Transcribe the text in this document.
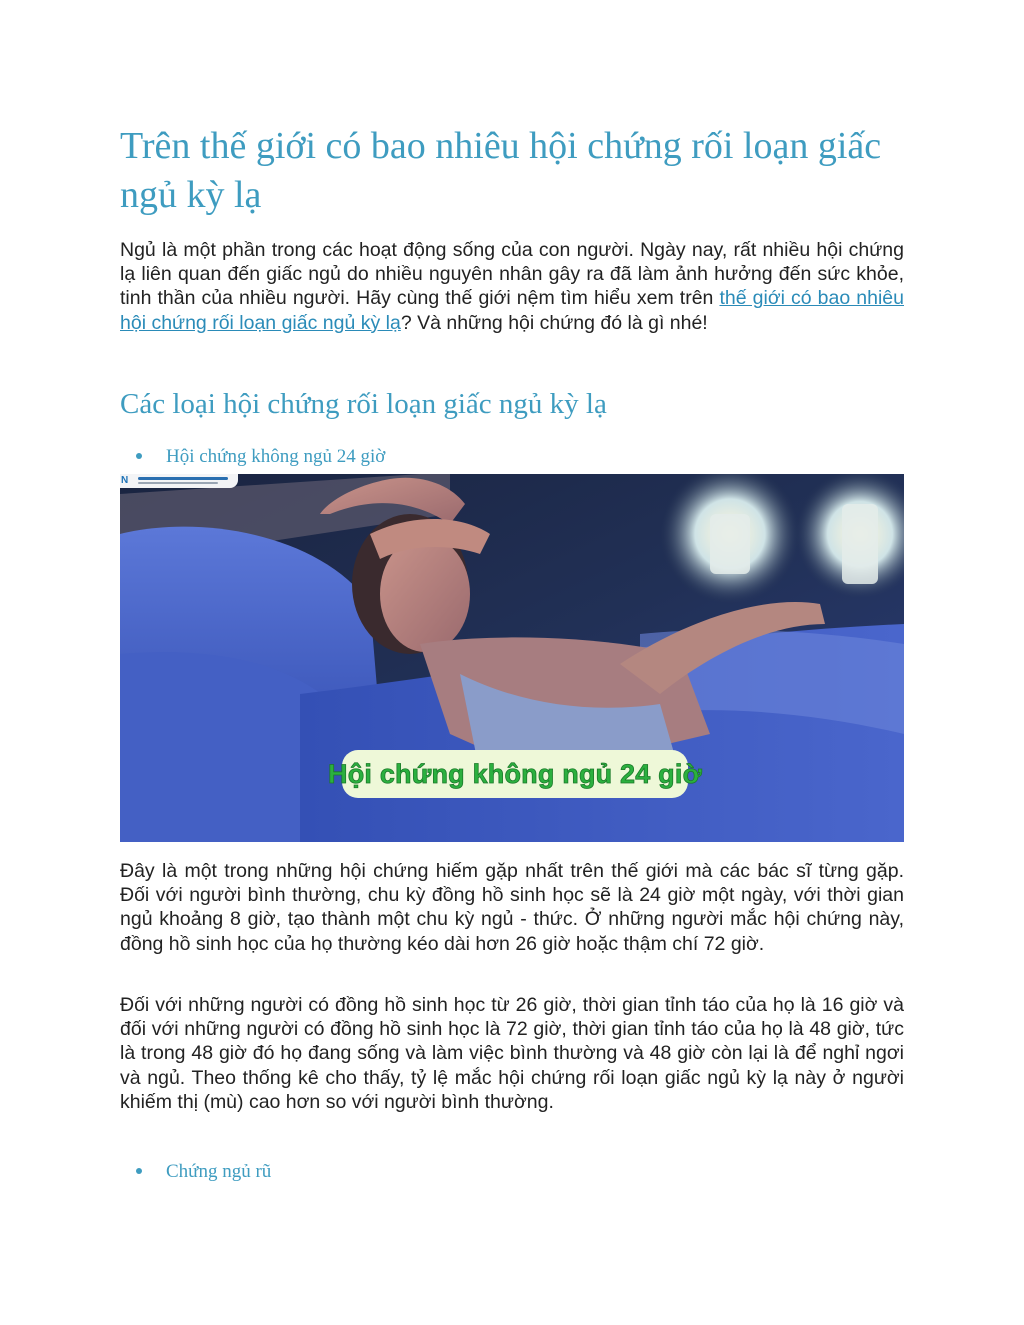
Trên thế giới có bao nhiêu hội chứng rối loạn giấc ngủ kỳ lạ

Ngủ là một phần trong các hoạt động sống của con người. Ngày nay, rất nhiều hội chứng lạ liên quan đến giấc ngủ do nhiều nguyên nhân gây ra đã làm ảnh hưởng đến sức khỏe, tinh thần của nhiều người. Hãy cùng thế giới nệm tìm hiểu xem trên thế giới có bao nhiêu hội chứng rối loạn giấc ngủ kỳ lạ? Và những hội chứng đó là gì nhé!

Các loại hội chứng rối loạn giấc ngủ kỳ lạ
Hội chứng không ngủ 24 giờ
N
Hội chứng không ngủ 24 giờ

Đây là một trong những hội chứng hiếm gặp nhất trên thế giới mà các bác sĩ từng gặp. Đối với người bình thường, chu kỳ đồng hồ sinh học sẽ là 24 giờ một ngày, với thời gian ngủ khoảng 8 giờ, tạo thành một chu kỳ ngủ - thức. Ở những người mắc hội chứng này, đồng hồ sinh học của họ thường kéo dài hơn 26 giờ hoặc thậm chí 72 giờ.

Đối với những người có đồng hồ sinh học từ 26 giờ, thời gian tỉnh táo của họ là 16 giờ và đối với những người có đồng hồ sinh học là 72 giờ, thời gian tỉnh táo của họ là 48 giờ, tức là trong 48 giờ đó họ đang sống và làm việc bình thường và 48 giờ còn lại là để nghỉ ngơi và ngủ. Theo thống kê cho thấy, tỷ lệ mắc hội chứng rối loạn giấc ngủ kỳ lạ này ở người khiếm thị (mù) cao hơn so với người bình thường.

Chứng ngủ rũ
